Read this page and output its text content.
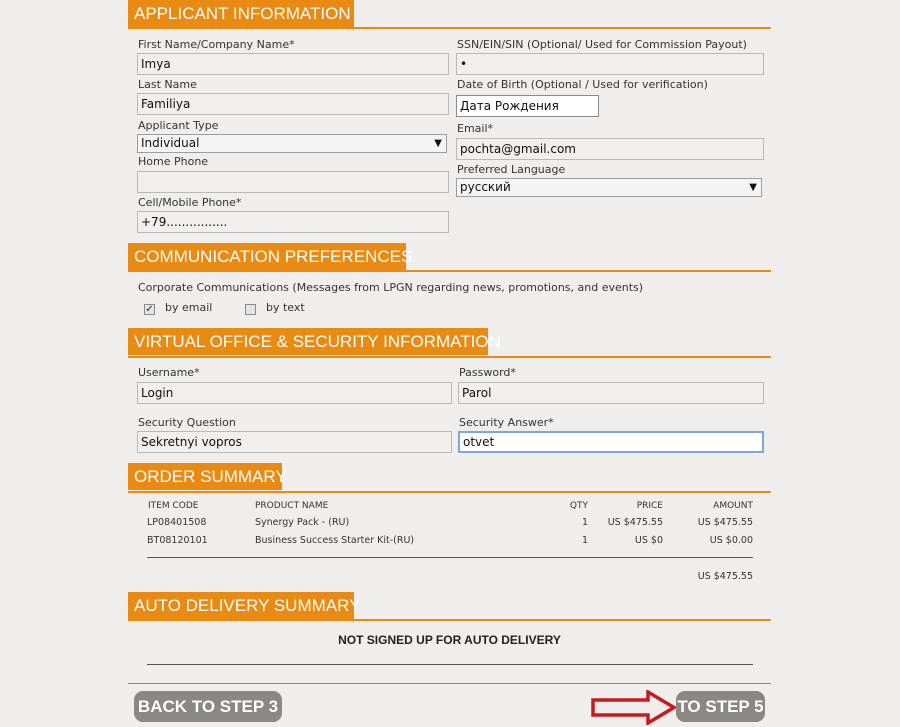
APPLICANT INFORMATION
First Name/Company Name*
Imya
Last Name
Familiya
Applicant Type
Individual	▼
Home Phone
Cell/Mobile Phone*
+79................
SSN/EIN/SIN (Optional/ Used for Commission Payout)
•
Date of Birth (Optional / Used for verification)
Дата Рождения
Email*
pochta@gmail.com
Preferred Language
русский	▼
COMMUNICATION PREFERENCES
Corporate Communications (Messages from LPGN regarding news, promotions, and events)
✓ by email	by text
VIRTUAL OFFICE & SECURITY INFORMATION
Username*
Login
Password*
Parol
Security Question
Sekretnyi vopros
Security Answer*
otvet
ORDER SUMMARY
ITEM CODE	PRODUCT NAME	QTY	PRICE	AMOUNT
LP08401508	Synergy Pack - (RU)	1	US $475.55	US $475.55
BT08120101	Business Success Starter Kit-(RU)	1	US $0	US $0.00
US $475.55
AUTO DELIVERY SUMMARY
NOT SIGNED UP FOR AUTO DELIVERY
BACK TO STEP 3	TO STEP 5
